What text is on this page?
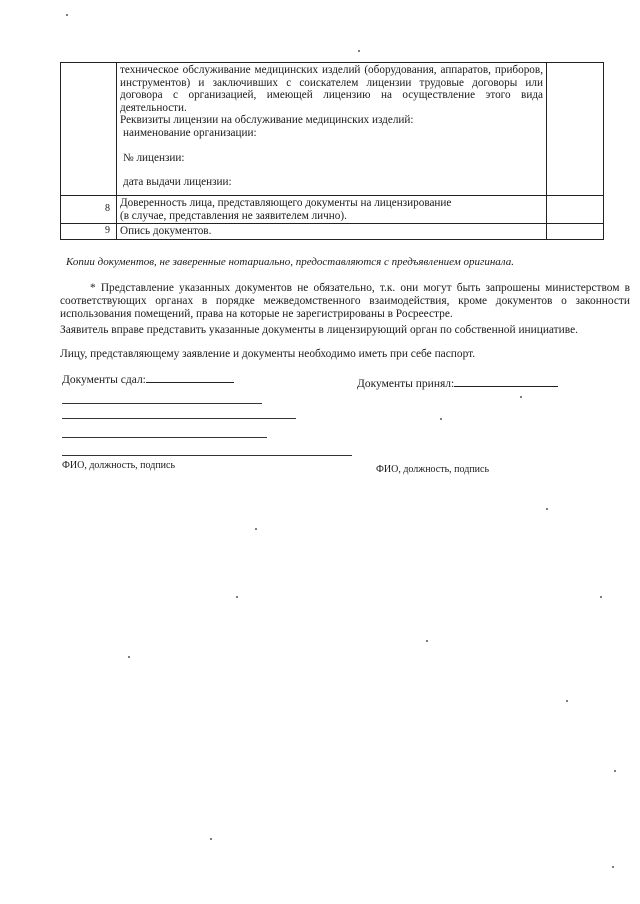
	техническое обслуживание медицинских изделий (оборудования, аппаратов, приборов, инструментов) и заключивших с соискателем лицензии трудовые договоры или договора с организацией, имеющей лицензию на осуществление этого вида деятельности.
Реквизиты лицензии на обслуживание медицинских изделий:
наименование организации:
№ лицензии:
дата выдачи лицензии:	

8	Доверенность лица, представляющего документы на лицензирование
(в случае, представления не заявителем лично).	

9	Опись документов.	

Копии документов, не заверенные нотариально, предоставляются с предъявлением оригинала.
* Представление указанных документов не обязательно, т.к. они могут быть запрошены министерством в соответствующих органах в порядке межведомственного взаимодействия, кроме документов о законности использования помещений, права на которые не зарегистрированы в Росреестре.
Заявитель вправе представить указанные документы в лицензирующий орган по собственной инициативе.
Лицу, представляющему заявление и документы необходимо иметь при себе паспорт.
Документы сдал:	Документы принял:
ФИО, должность, подпись	ФИО, должность, подпись
